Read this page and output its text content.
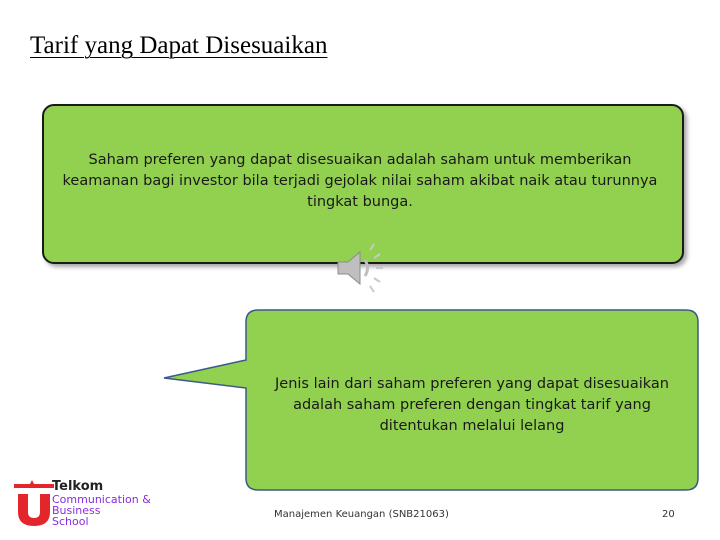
Tarif yang Dapat Disesuaikan
Saham preferen yang dapat disesuaikan adalah saham untuk memberikan keamanan bagi investor bila terjadi gejolak nilai saham akibat naik atau turunnya tingkat bunga.
Jenis lain dari saham preferen yang dapat disesuaikan adalah saham preferen dengan tingkat tarif yang ditentukan melalui lelang
Telkom
Communication &
Business
School
Manajemen Keuangan (SNB21063)	20
